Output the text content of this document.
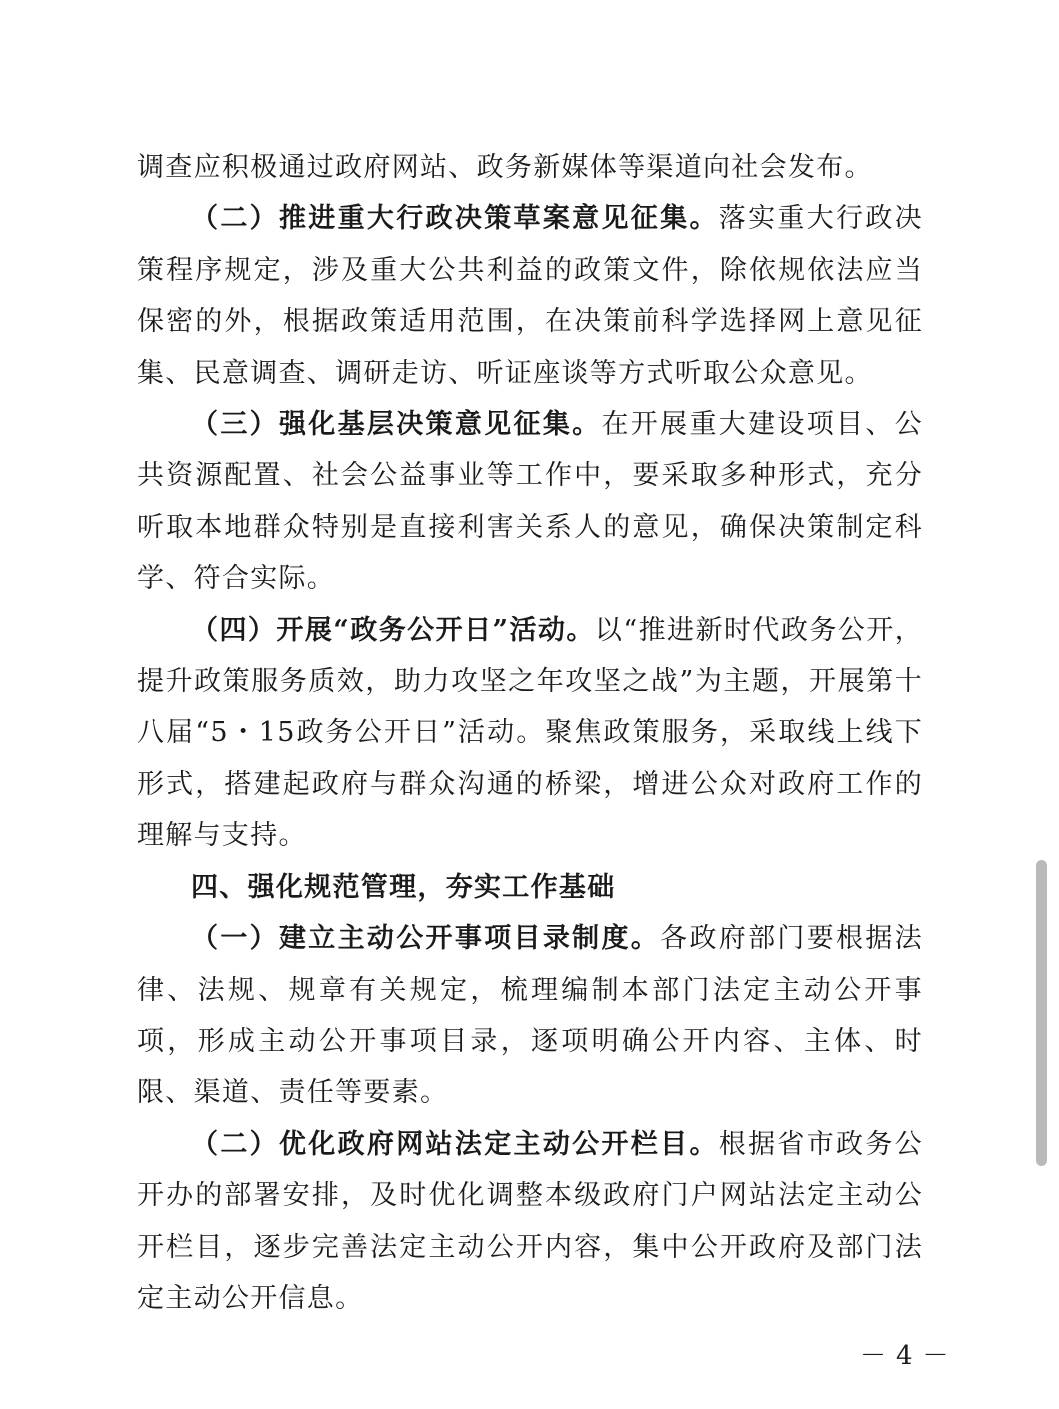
调查应积极通过政府网站、政务新媒体等渠道向社会发布。

（二）推进重大行政决策草案意见征集。落实重大行政决策程序规定，涉及重大公共利益的政策文件，除依规依法应当保密的外，根据政策适用范围，在决策前科学选择网上意见征集、民意调查、调研走访、听证座谈等方式听取公众意见。

（三）强化基层决策意见征集。在开展重大建设项目、公共资源配置、社会公益事业等工作中，要采取多种形式，充分听取本地群众特别是直接利害关系人的意见，确保决策制定科学、符合实际。

（四）开展“政务公开日”活动。以“推进新时代政务公开，提升政策服务质效，助力攻坚之年攻坚之战”为主题，开展第十八届“5・15政务公开日”活动。聚焦政策服务，采取线上线下形式，搭建起政府与群众沟通的桥梁，增进公众对政府工作的理解与支持。

四、强化规范管理，夯实工作基础

（一）建立主动公开事项目录制度。各政府部门要根据法律、法规、规章有关规定，梳理编制本部门法定主动公开事项，形成主动公开事项目录，逐项明确公开内容、主体、时限、渠道、责任等要素。

（二）优化政府网站法定主动公开栏目。根据省市政务公开办的部署安排，及时优化调整本级政府门户网站法定主动公开栏目，逐步完善法定主动公开内容，集中公开政府及部门法定主动公开信息。

－4－
